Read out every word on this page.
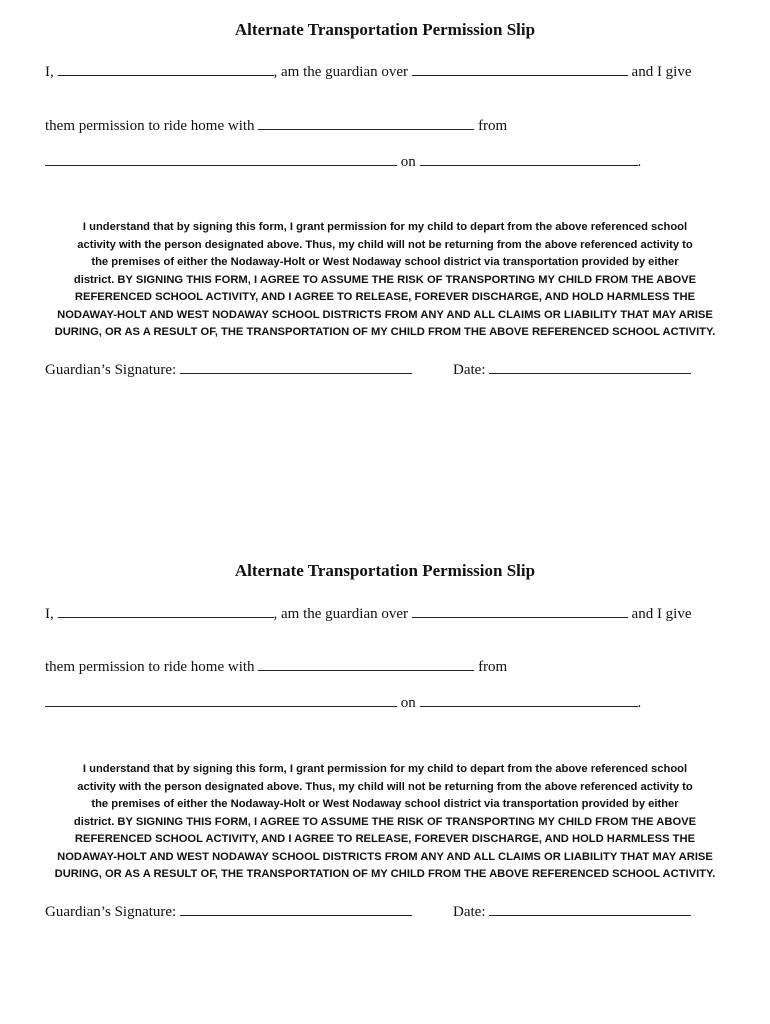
Alternate Transportation Permission Slip
I,	, am the guardian over	and I give
them permission to ride home with	from
on	.
I understand that by signing this form, I grant permission for my child to depart from the above referenced school
activity with the person designated above. Thus, my child will not be returning from the above referenced activity to
the premises of either the Nodaway-Holt or West Nodaway school district via transportation provided by either
district. BY SIGNING THIS FORM, I AGREE TO ASSUME THE RISK OF TRANSPORTING MY CHILD FROM THE ABOVE
REFERENCED SCHOOL ACTIVITY, AND I AGREE TO RELEASE, FOREVER DISCHARGE, AND HOLD HARMLESS THE
NODAWAY-HOLT AND WEST NODAWAY SCHOOL DISTRICTS FROM ANY AND ALL CLAIMS OR LIABILITY THAT MAY ARISE
DURING, OR AS A RESULT OF, THE TRANSPORTATION OF MY CHILD FROM THE ABOVE REFERENCED SCHOOL ACTIVITY.
Guardian’s Signature:	Date:
Alternate Transportation Permission Slip
I,	, am the guardian over	and I give
them permission to ride home with	from
on	.
I understand that by signing this form, I grant permission for my child to depart from the above referenced school
activity with the person designated above. Thus, my child will not be returning from the above referenced activity to
the premises of either the Nodaway-Holt or West Nodaway school district via transportation provided by either
district. BY SIGNING THIS FORM, I AGREE TO ASSUME THE RISK OF TRANSPORTING MY CHILD FROM THE ABOVE
REFERENCED SCHOOL ACTIVITY, AND I AGREE TO RELEASE, FOREVER DISCHARGE, AND HOLD HARMLESS THE
NODAWAY-HOLT AND WEST NODAWAY SCHOOL DISTRICTS FROM ANY AND ALL CLAIMS OR LIABILITY THAT MAY ARISE
DURING, OR AS A RESULT OF, THE TRANSPORTATION OF MY CHILD FROM THE ABOVE REFERENCED SCHOOL ACTIVITY.
Guardian’s Signature:	Date:
